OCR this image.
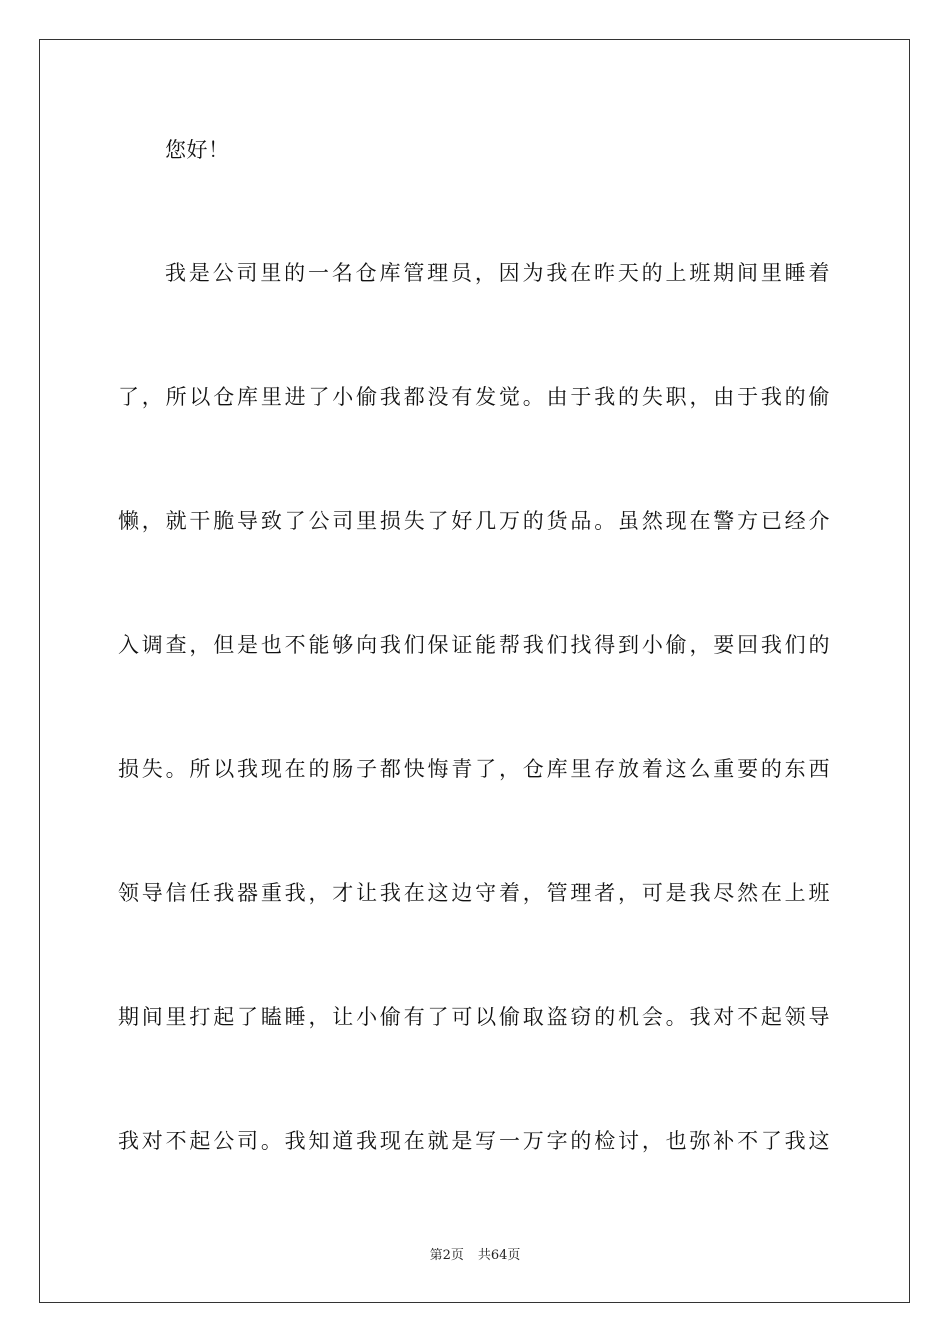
您好！
我是公司里的一名仓库管理员，因为我在昨天的上班期间里睡着
了，所以仓库里进了小偷我都没有发觉。由于我的失职，由于我的偷
懒，就干脆导致了公司里损失了好几万的货品。虽然现在警方已经介
入调查，但是也不能够向我们保证能帮我们找得到小偷，要回我们的
损失。所以我现在的肠子都快悔青了，仓库里存放着这么重要的东西
领导信任我器重我，才让我在这边守着，管理者，可是我尽然在上班
期间里打起了瞌睡，让小偷有了可以偷取盗窃的机会。我对不起领导
我对不起公司。我知道我现在就是写一万字的检讨，也弥补不了我这
第2页 共64页
